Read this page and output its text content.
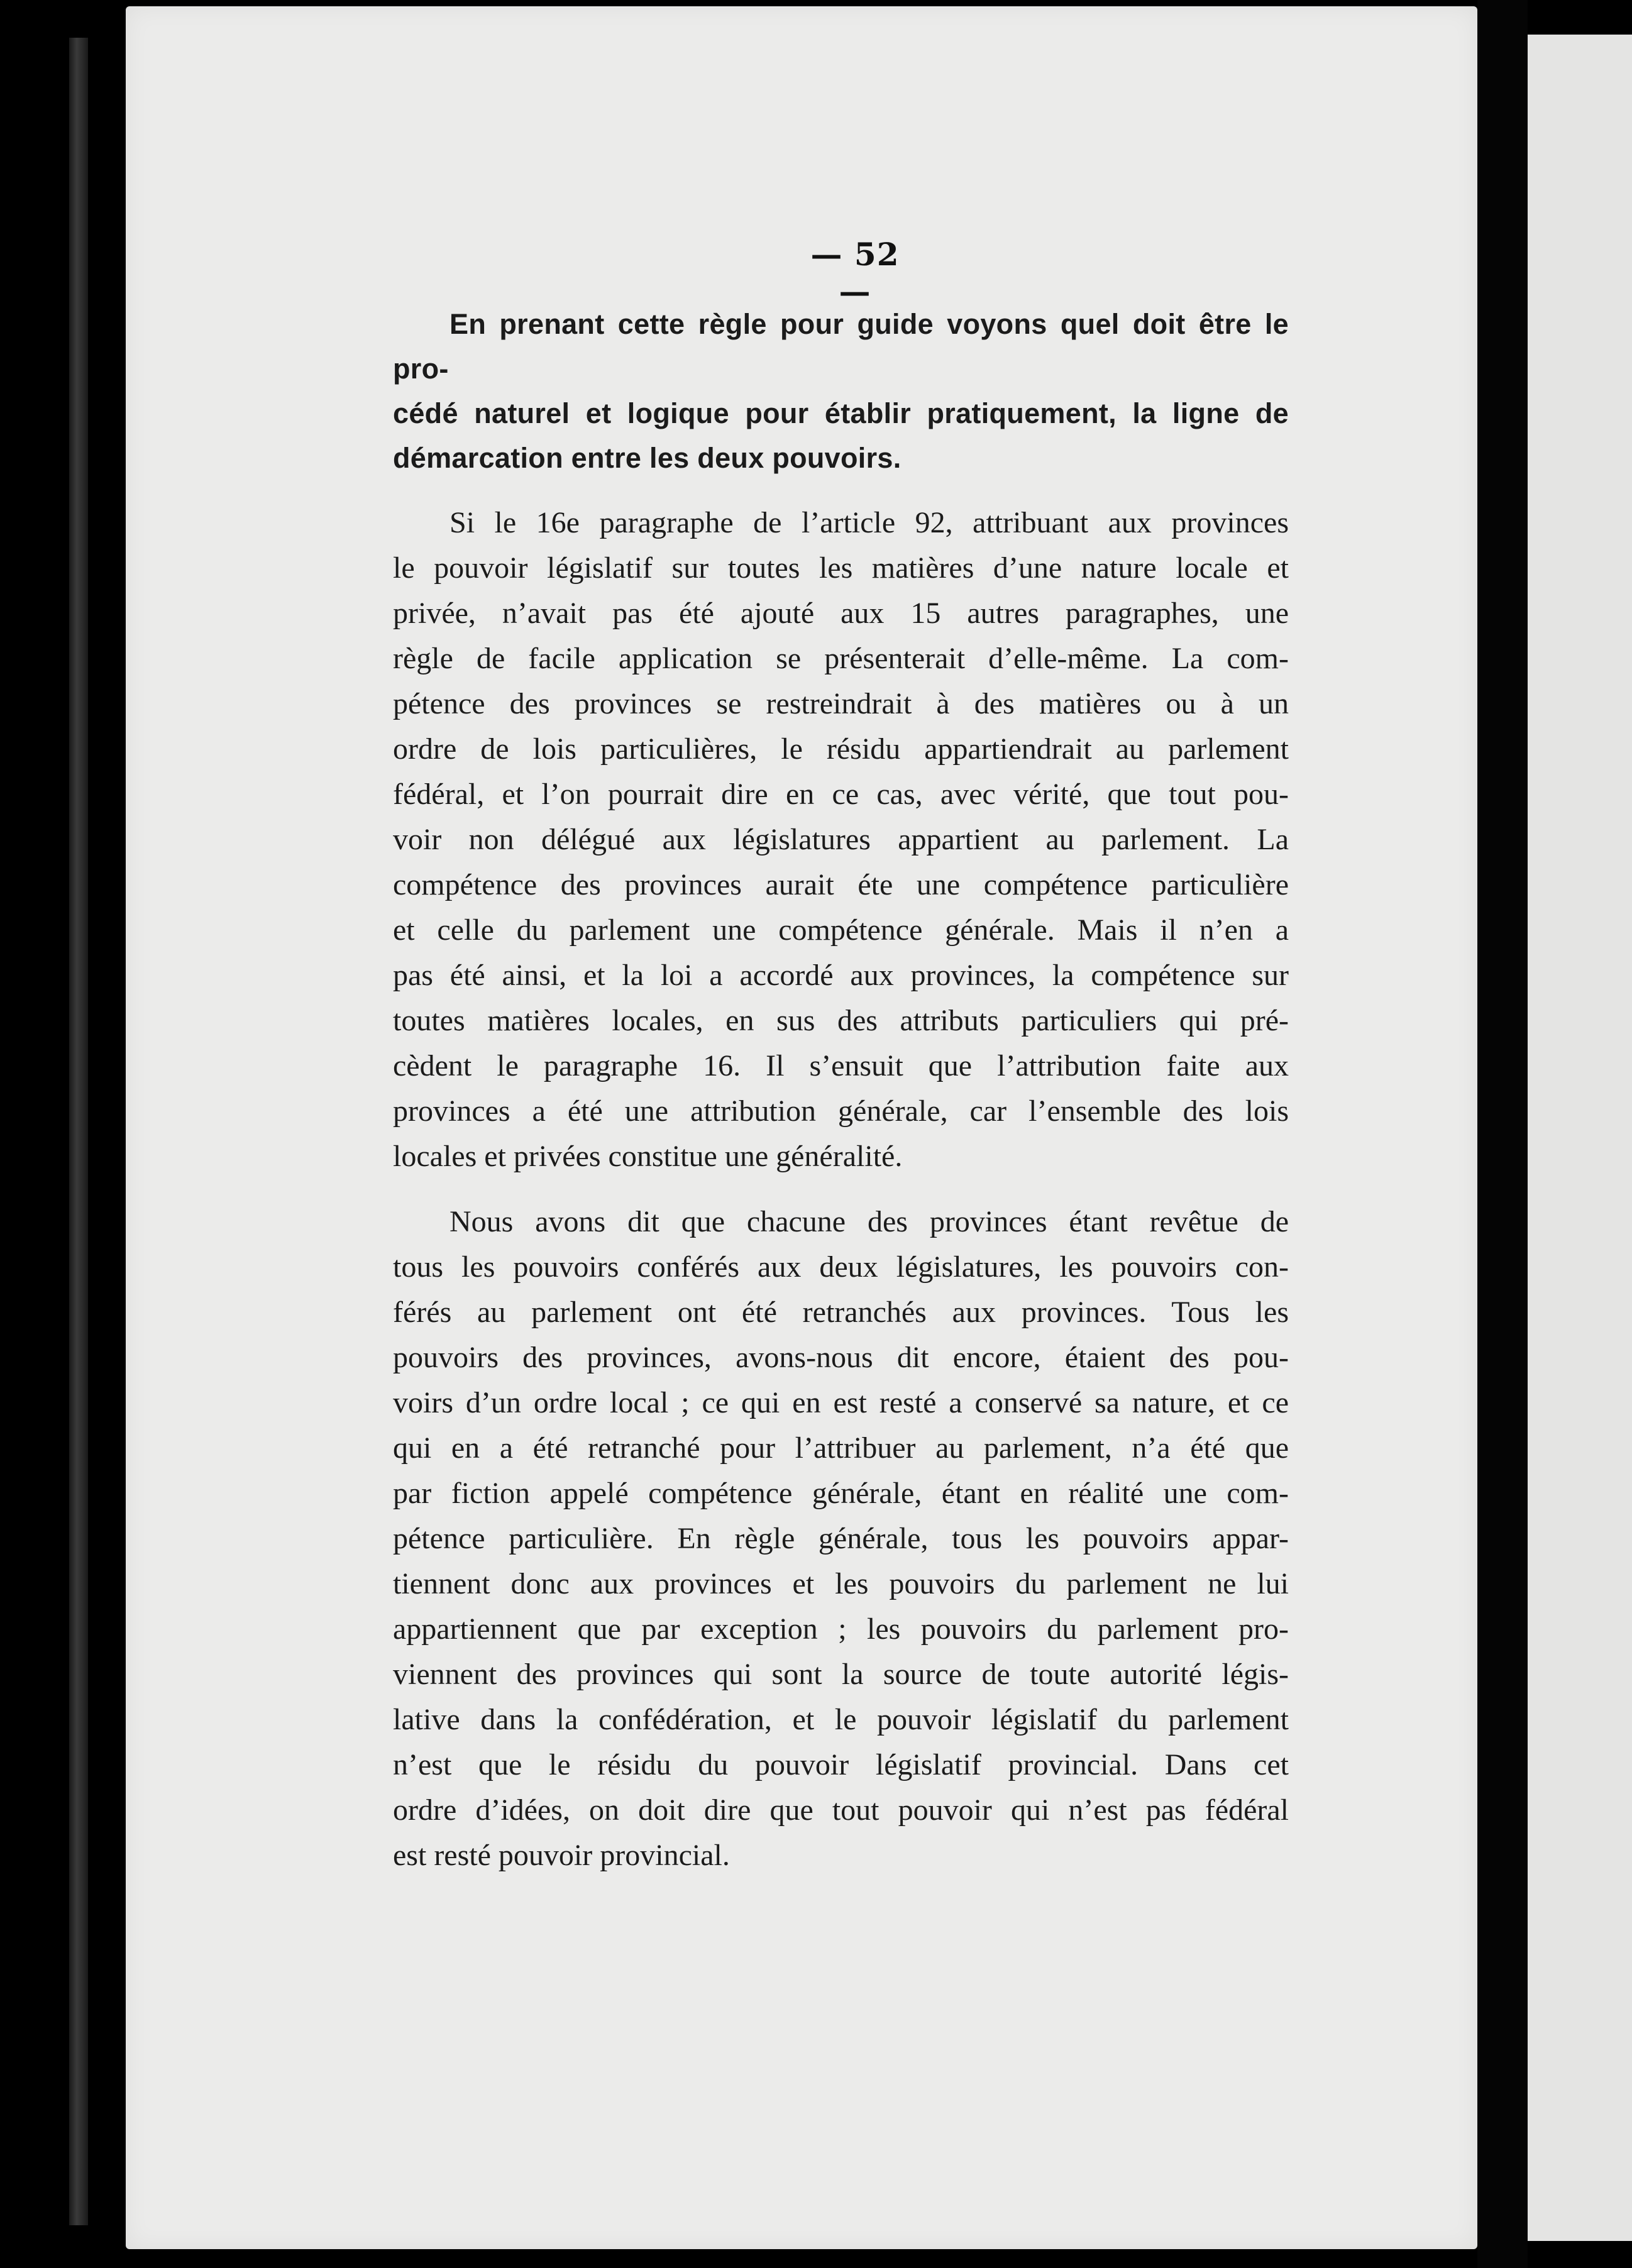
— 52 —
En prenant cette règle pour guide voyons quel doit être le pro-
cédé naturel et logique pour établir pratiquement, la ligne de
démarcation entre les deux pouvoirs.
Si le 16e paragraphe de l’article 92, attribuant aux provinces
le pouvoir législatif sur toutes les matières d’une nature locale et
privée, n’avait pas été ajouté aux 15 autres paragraphes, une
règle de facile application se présenterait d’elle-même. La com-
pétence des provinces se restreindrait à des matières ou à un
ordre de lois particulières, le résidu appartiendrait au parlement
fédéral, et l’on pourrait dire en ce cas, avec vérité, que tout pou-
voir non délégué aux législatures appartient au parlement. La
compétence des provinces aurait éte une compétence particulière
et celle du parlement une compétence générale. Mais il n’en a
pas été ainsi, et la loi a accordé aux provinces, la compétence sur
toutes matières locales, en sus des attributs particuliers qui pré-
cèdent le paragraphe 16. Il s’ensuit que l’attribution faite aux
provinces a été une attribution générale, car l’ensemble des lois
locales et privées constitue une généralité.
Nous avons dit que chacune des provinces étant revêtue de
tous les pouvoirs conférés aux deux législatures, les pouvoirs con-
férés au parlement ont été retranchés aux provinces. Tous les
pouvoirs des provinces, avons-nous dit encore, étaient des pou-
voirs d’un ordre local ; ce qui en est resté a conservé sa nature, et ce
qui en a été retranché pour l’attribuer au parlement, n’a été que
par fiction appelé compétence générale, étant en réalité une com-
pétence particulière. En règle générale, tous les pouvoirs appar-
tiennent donc aux provinces et les pouvoirs du parlement ne lui
appartiennent que par exception ; les pouvoirs du parlement pro-
viennent des provinces qui sont la source de toute autorité légis-
lative dans la confédération, et le pouvoir législatif du parlement
n’est que le résidu du pouvoir législatif provincial. Dans cet
ordre d’idées, on doit dire que tout pouvoir qui n’est pas fédéral
est resté pouvoir provincial.
